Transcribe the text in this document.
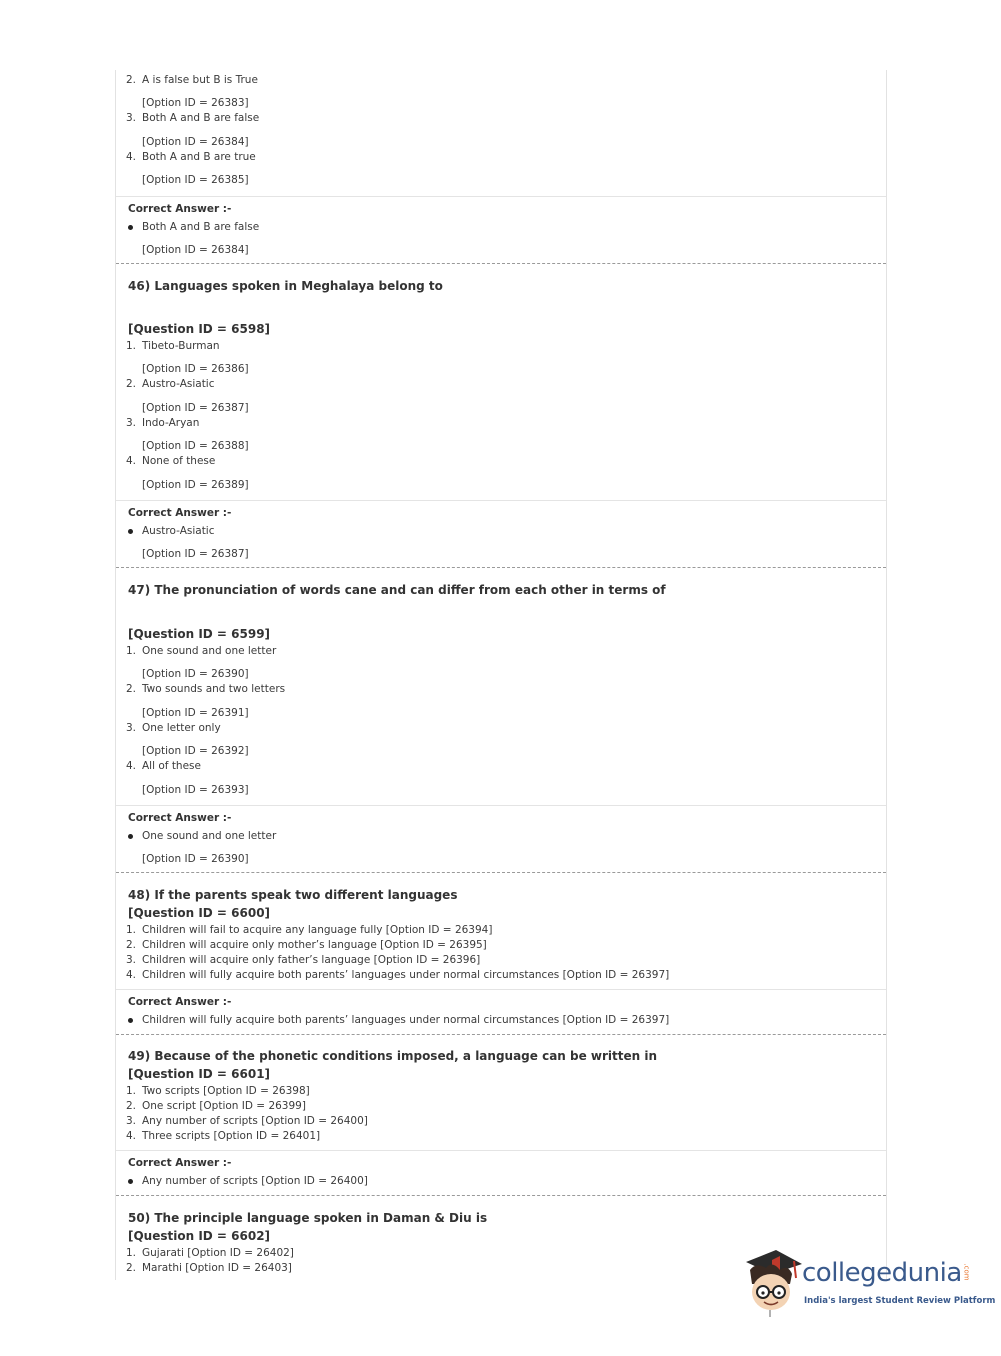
2. A is false but B is True
[Option ID = 26383]
3. Both A and B are false
[Option ID = 26384]
4. Both A and B are true
[Option ID = 26385]
Correct Answer :-
Both A and B are false
[Option ID = 26384]
46) Languages spoken in Meghalaya belong to
[Question ID = 6598]
1. Tibeto-Burman
[Option ID = 26386]
2. Austro-Asiatic
[Option ID = 26387]
3. Indo-Aryan
[Option ID = 26388]
4. None of these
[Option ID = 26389]
Correct Answer :-
Austro-Asiatic
[Option ID = 26387]
47) The pronunciation of words cane and can differ from each other in terms of
[Question ID = 6599]
1. One sound and one letter
[Option ID = 26390]
2. Two sounds and two letters
[Option ID = 26391]
3. One letter only
[Option ID = 26392]
4. All of these
[Option ID = 26393]
Correct Answer :-
One sound and one letter
[Option ID = 26390]
48) If the parents speak two different languages
[Question ID = 6600]
1. Children will fail to acquire any language fully [Option ID = 26394]
2. Children will acquire only mother’s language [Option ID = 26395]
3. Children will acquire only father’s language [Option ID = 26396]
4. Children will fully acquire both parents’ languages under normal circumstances [Option ID = 26397]
Correct Answer :-
Children will fully acquire both parents’ languages under normal circumstances [Option ID = 26397]
49) Because of the phonetic conditions imposed, a language can be written in
[Question ID = 6601]
1. Two scripts [Option ID = 26398]
2. One script [Option ID = 26399]
3. Any number of scripts [Option ID = 26400]
4. Three scripts [Option ID = 26401]
Correct Answer :-
Any number of scripts [Option ID = 26400]
50) The principle language spoken in Daman & Diu is
[Question ID = 6602]
1. Gujarati [Option ID = 26402]
2. Marathi [Option ID = 26403]	collegedunia .com
India's largest Student Review Platform
